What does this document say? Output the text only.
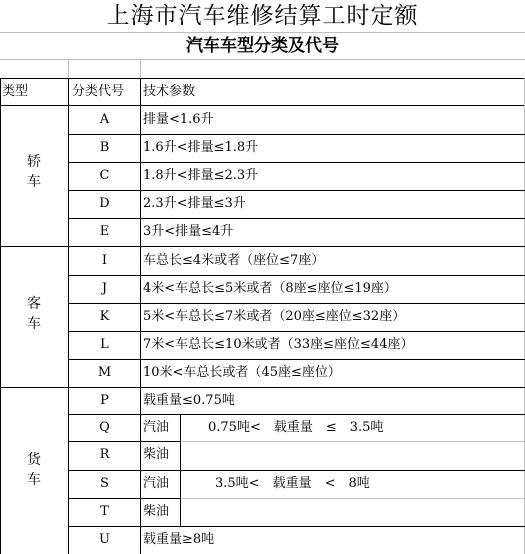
上海市汽车维修结算工时定额
汽车车型分类及代号
类型	分类代号 技术参数
轿
车
A	排量<1.6升
B	1.6升<排量≤1.8升
C	1.8升<排量≤2.3升
D	2.3升<排量≤3升
E	3升<排量≤4升
客
车
I	车总长≤4米或者（座位≤7座）
J	4米<车总长≤5米或者（8座≤座位≤19座）
K	5米<车总长≤7米或者（20座≤座位≤32座）
L	7米<车总长≤10米或者（33座≤座位≤44座）
M	10米<车总长或者（45座≤座位）
货
车
P	载重量≤0.75吨
Q	汽油	0.75吨<　载重量　≤　3.5吨
R	柴油
S	汽油	3.5吨<　载重量　<　8吨
T	柴油
U	载重量≥8吨
